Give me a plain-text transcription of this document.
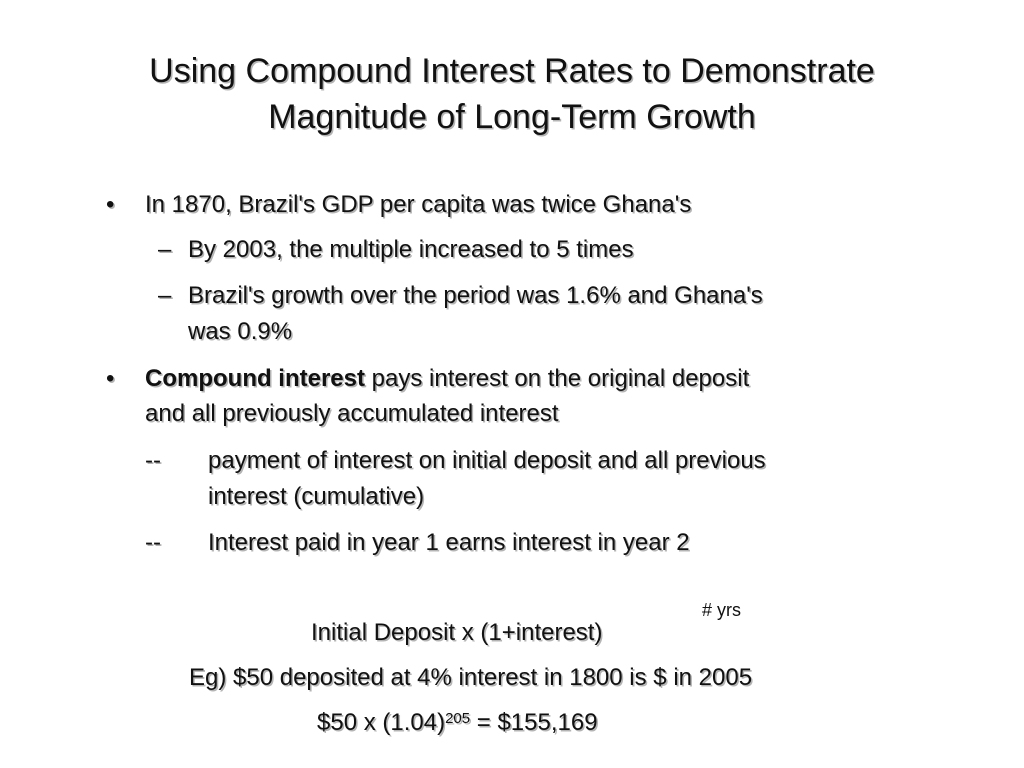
Using Compound Interest Rates to Demonstrate
Magnitude of Long-Term Growth
• In 1870, Brazil's GDP per capita was twice Ghana's
– By 2003, the multiple increased to 5 times
– Brazil's growth over the period was 1.6% and Ghana's
was 0.9%
• Compound interest pays interest on the original deposit
and all previously accumulated interest
-- payment of interest on initial deposit and all previous
interest (cumulative)
-- Interest paid in year 1 earns interest in year 2
# yrs
Initial Deposit x (1+interest)
Eg) $50 deposited at 4% interest in 1800 is $ in 2005
$50 x $(1.04)^{205}$ = $155,169
